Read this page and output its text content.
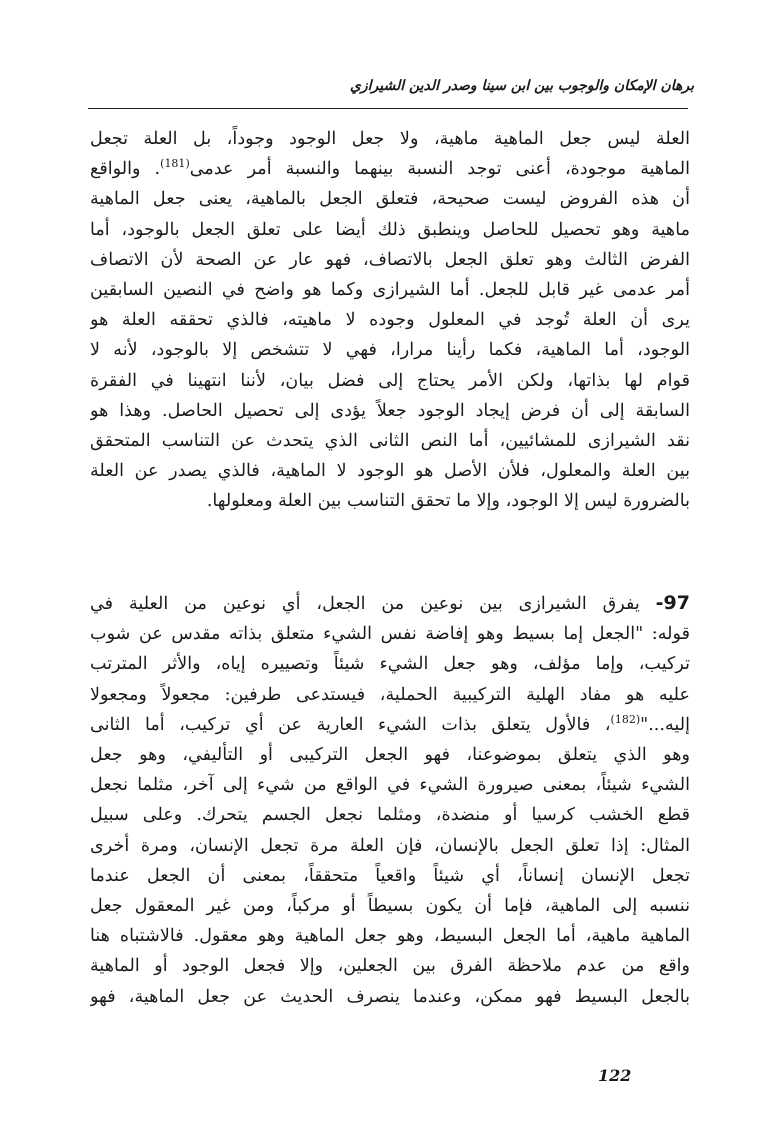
برهان الإمكان والوجوب بين ابن سينا وصدر الدين الشيرازي
العلة ليس جعل الماهية ماهية، ولا جعل الوجود وجوداً، بل العلة تجعل
الماهية موجودة، أعنى توجد النسبة بينهما والنسبة أمر عدمى$^{(181)}$. والواقع
أن هذه الفروض ليست صحيحة، فتعلق الجعل بالماهية، يعنى جعل الماهية
ماهية وهو تحصيل للحاصل وينطبق ذلك أيضا على تعلق الجعل بالوجود، أما
الفرض الثالث وهو تعلق الجعل بالاتصاف، فهو عار عن الصحة لأن الاتصاف
أمر عدمى غير قابل للجعل. أما الشيرازى وكما هو واضح في النصين السابقين
يرى أن العلة تُوجد في المعلول وجوده لا ماهيته، فالذي تحققه العلة هو
الوجود، أما الماهية، فكما رأينا مرارا، فهي لا تتشخص إلا بالوجود، لأنه لا
قوام لها بذاتها، ولكن الأمر يحتاج إلى فضل بيان، لأننا انتهينا في الفقرة
السابقة إلى أن فرض إيجاد الوجود جعلاً يؤدى إلى تحصيل الحاصل. وهذا هو
نقد الشيرازى للمشائيين، أما النص الثانى الذي يتحدث عن التناسب المتحقق
بين العلة والمعلول، فلأن الأصل هو الوجود لا الماهية، فالذي يصدر عن العلة
بالضرورة ليس إلا الوجود، وإلا ما تحقق التناسب بين العلة ومعلولها.
97- يفرق الشيرازى بين نوعين من الجعل، أي نوعين من العلية في
قوله: "الجعل إما بسيط وهو إفاضة نفس الشيء متعلق بذاته مقدس عن شوب
تركيب، وإما مؤلف، وهو جعل الشيء شيئاً وتصييره إياه، والأثر المترتب
عليه هو مفاد الهلية التركيبية الحملية، فيستدعى طرفين: مجعولاً ومجعولا
إليه..."$^{(182)}$، فالأول يتعلق بذات الشيء العارية عن أي تركيب، أما الثانى
وهو الذي يتعلق بموضوعنا، فهو الجعل التركيبى أو التأليفي، وهو جعل
الشيء شيئاً، بمعنى صيرورة الشيء في الواقع من شيء إلى آخر، مثلما نجعل
قطع الخشب كرسيا أو منضدة، ومثلما نجعل الجسم يتحرك. وعلى سبيل
المثال: إذا تعلق الجعل بالإنسان، فإن العلة مرة تجعل الإنسان، ومرة أخرى
تجعل الإنسان إنساناً، أي شيئاً واقعياً متحققاً، بمعنى أن الجعل عندما
ننسبه إلى الماهية، فإما أن يكون بسيطاً أو مركباً، ومن غير المعقول جعل
الماهية ماهية، أما الجعل البسيط، وهو جعل الماهية وهو معقول. فالاشتباه هنا
واقع من عدم ملاحظة الفرق بين الجعلين، وإلا فجعل الوجود أو الماهية
بالجعل البسيط فهو ممكن، وعندما ينصرف الحديث عن جعل الماهية، فهو
122
